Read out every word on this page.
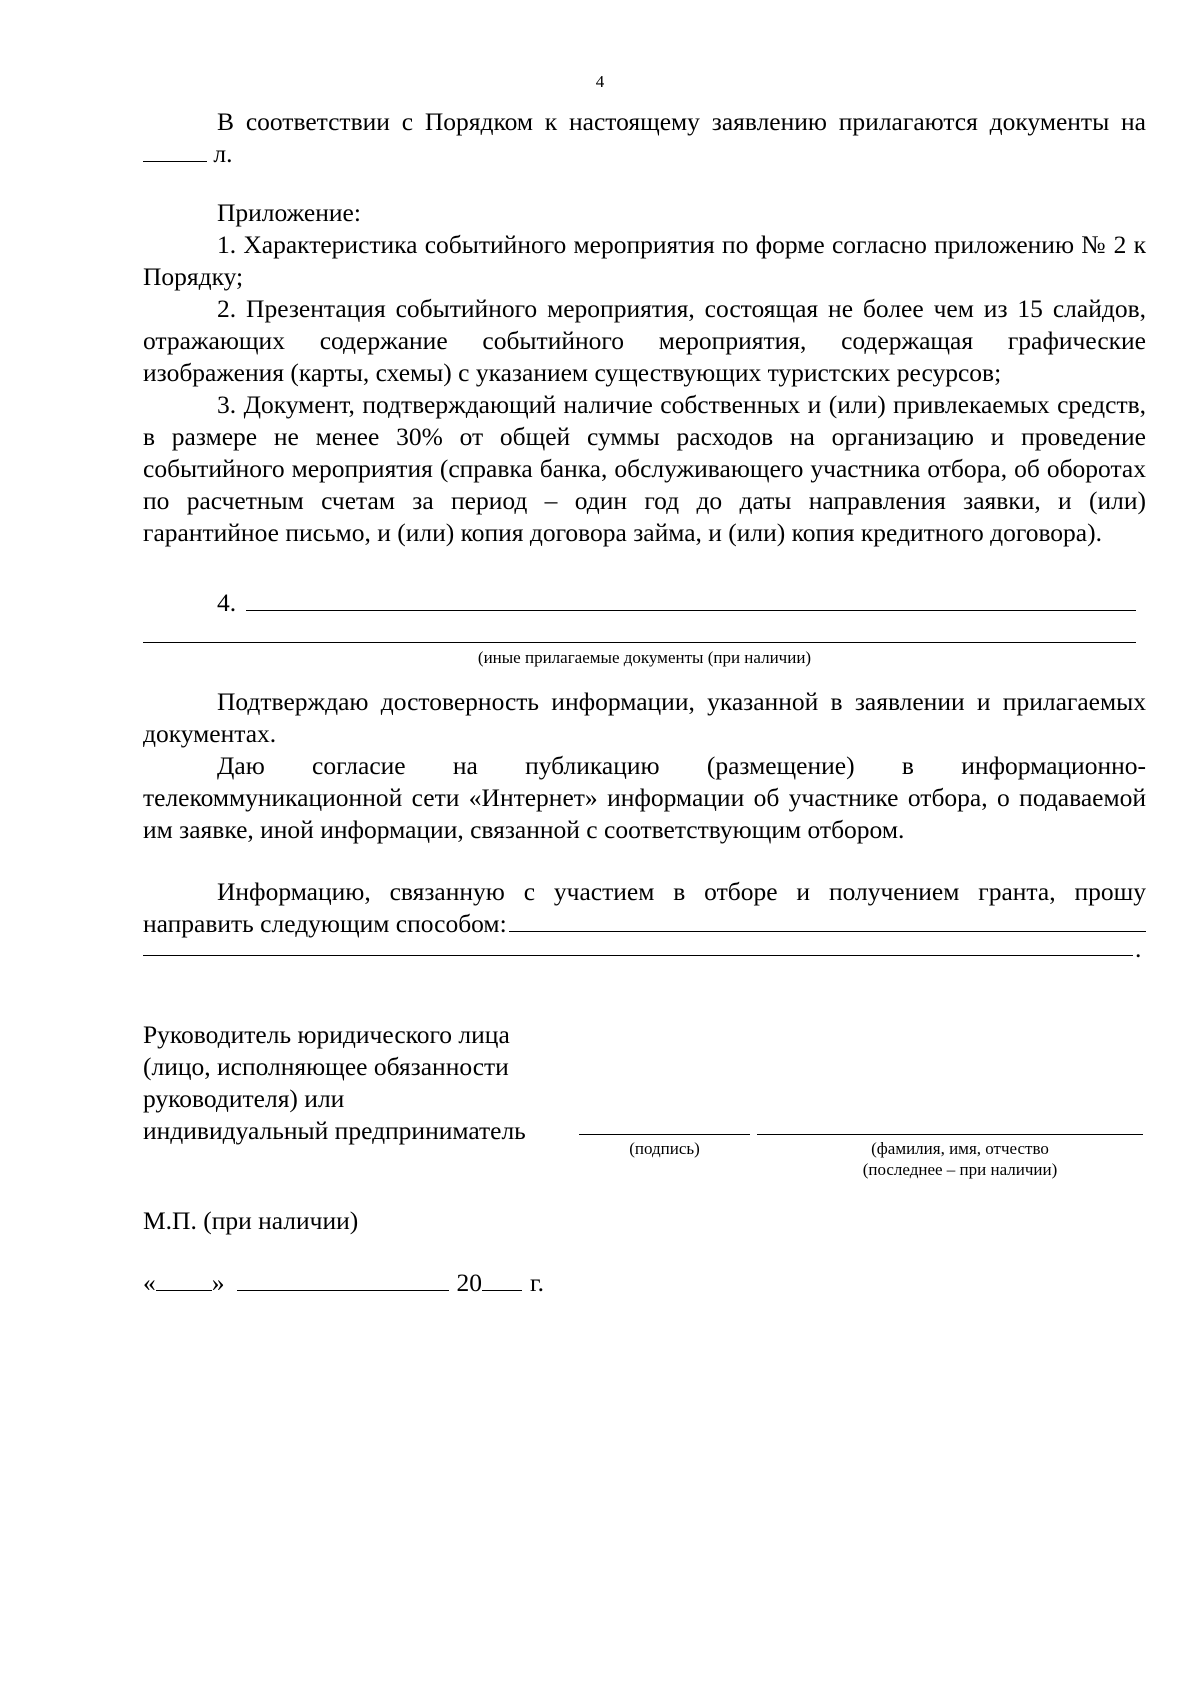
4

В соответствии с Порядком к настоящему заявлению прилагаются документы на  л.

Приложение:

1. Характеристика событийного мероприятия по форме согласно приложению № 2 к Порядку;

2. Презентация событийного мероприятия, состоящая не более чем из 15 слайдов, отражающих содержание событийного мероприятия, содержащая графические изображения (карты, схемы) с указанием существующих туристских ресурсов;

3. Документ, подтверждающий наличие собственных и (или) привлекаемых средств, в размере не менее 30% от общей суммы расходов на организацию и проведение событийного мероприятия (справка банка, обслуживающего участника отбора, об оборотах по расчетным счетам за период – один год до даты направления заявки, и (или) гарантийное письмо, и (или) копия договора займа, и (или) копия кредитного договора).

4.
(иные прилагаемые документы (при наличии)

Подтверждаю достоверность информации, указанной в заявлении и прилагаемых документах.

Даю согласие на публикацию (размещение) в информационно-телекоммуникационной сети «Интернет» информации об участнике отбора, о подаваемой им заявке, иной информации, связанной с соответствующим отбором.

Информацию, связанную с участием в отборе и получением гранта, прошу

направить следующим способом:
.
Руководитель юридического лица
(лицо, исполняющее обязанности
руководителя) или
индивидуальный предприниматель
(подпись)	(фамилия, имя, отчество
(последнее – при наличии)
М.П. (при наличии)
« »	20 г.
